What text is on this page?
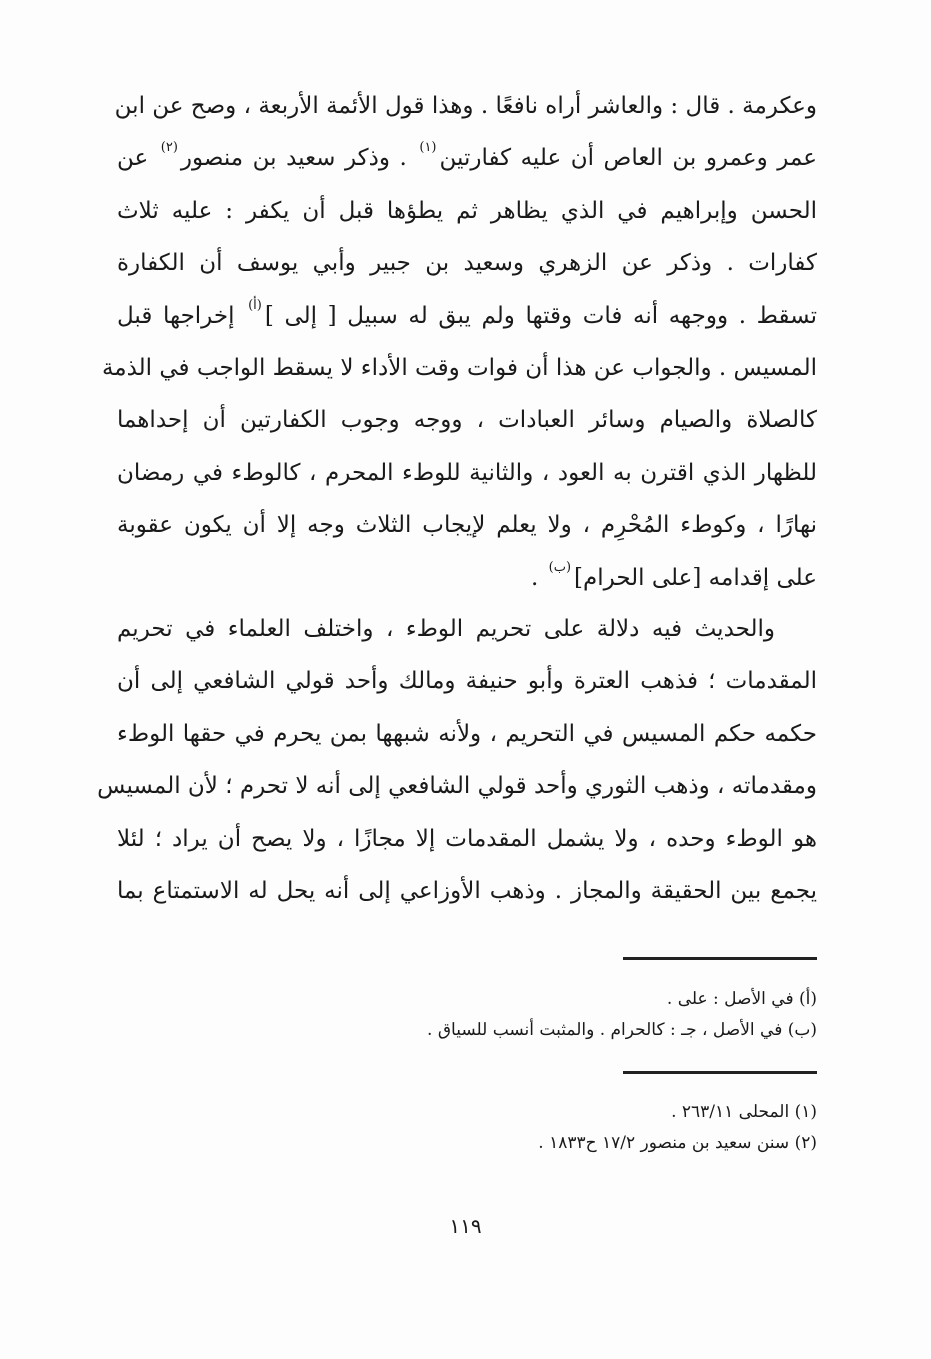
وعكرمة . قال : والعاشر أراه نافعًا . وهذا قول الأئمة الأربعة ، وصح عن ابن
عمر وعمرو بن العاص أن عليه كفارتين$^{(١)}$ . وذكر سعيد بن منصور$^{(٢)}$ عن
الحسن وإبراهيم في الذي يظاهر ثم يطؤها قبل أن يكفر : عليه ثلاث
كفارات . وذكر عن الزهري وسعيد بن جبير وأبي يوسف أن الكفارة
تسقط . ووجهه أنه فات وقتها ولم يبق له سبيل [ إلى ]$^{(أ)}$ إخراجها قبل
المسيس . والجواب عن هذا أن فوات وقت الأداء لا يسقط الواجب في الذمة
كالصلاة والصيام وسائر العبادات ، ووجه وجوب الكفارتين أن إحداهما
للظهار الذي اقترن به العود ، والثانية للوطء المحرم ، كالوطء في رمضان
نهارًا ، وكوطء المُحْرِم ، ولا يعلم لإيجاب الثلاث وجه إلا أن يكون عقوبة
على إقدامه [على الحرام]$^{(ب)}$ .
والحديث فيه دلالة على تحريم الوطء ، واختلف العلماء في تحريم
المقدمات ؛ فذهب العترة وأبو حنيفة ومالك وأحد قولي الشافعي إلى أن
حكمه حكم المسيس في التحريم ، ولأنه شبهها بمن يحرم في حقها الوطء
ومقدماته ، وذهب الثوري وأحد قولي الشافعي إلى أنه لا تحرم ؛ لأن المسيس
هو الوطء وحده ، ولا يشمل المقدمات إلا مجازًا ، ولا يصح أن يراد ؛ لئلا
يجمع بين الحقيقة والمجاز . وذهب الأوزاعي إلى أنه يحل له الاستمتاع بما
(أ) في الأصل : على .
(ب) في الأصل ، جـ : كالحرام . والمثبت أنسب للسياق .
(١) المحلى ٢٦٣/١١ .
(٢) سنن سعيد بن منصور ١٧/٢ ح١٨٣٣ .
١١٩
